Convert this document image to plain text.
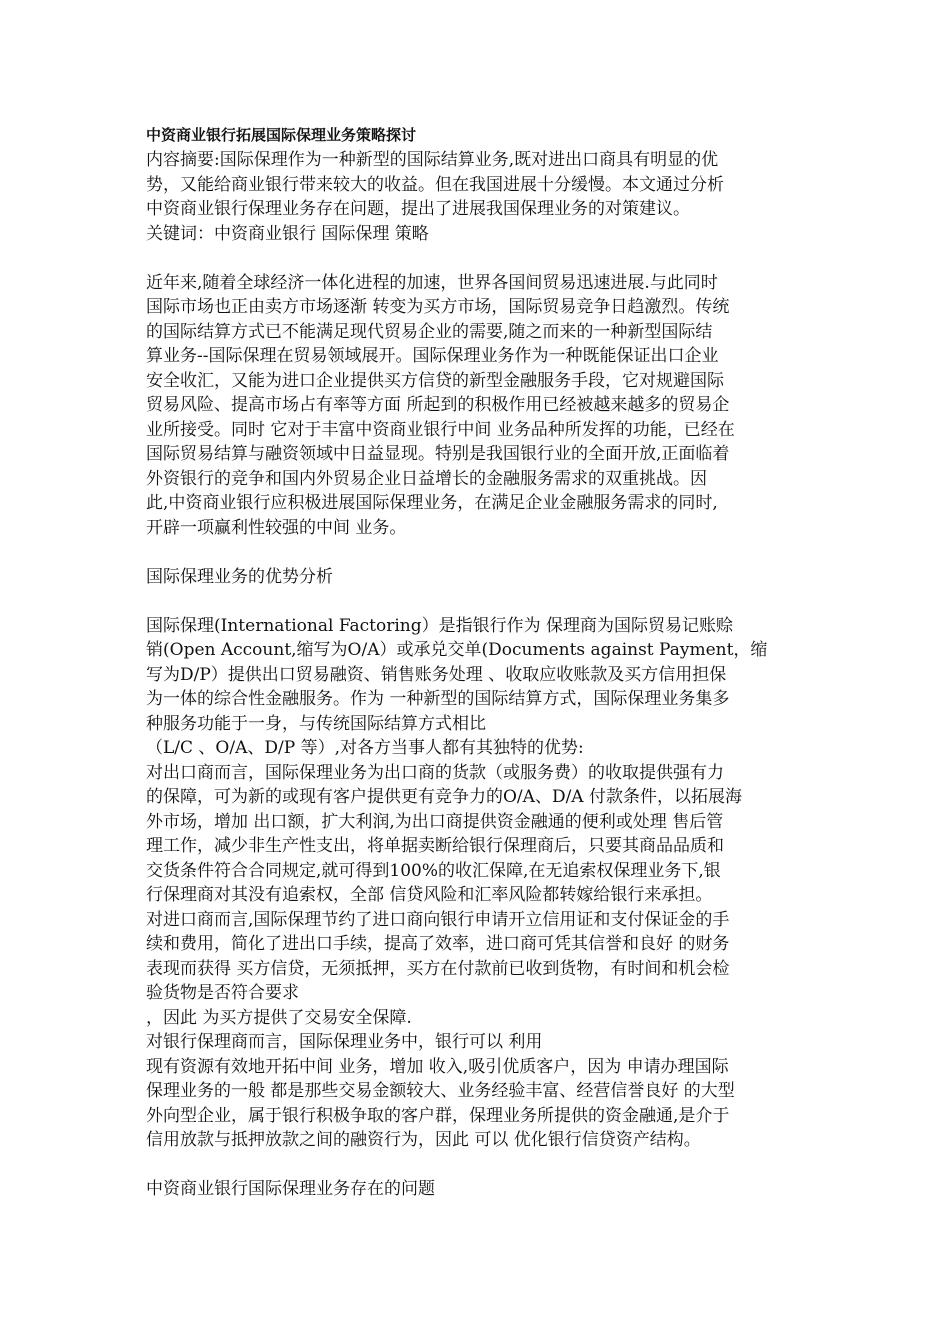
中资商业银行拓展国际保理业务策略探讨
内容摘要:国际保理作为一种新型的国际结算业务,既对进出口商具有明显的优
势，又能给商业银行带来较大的收益。但在我国进展十分缓慢。本文通过分析
中资商业银行保理业务存在问题，提出了进展我国保理业务的对策建议。
关键词：中资商业银行 国际保理 策略
近年来,随着全球经济一体化进程的加速，世界各国间贸易迅速进展.与此同时
国际市场也正由卖方市场逐渐 转变为买方市场，国际贸易竞争日趋激烈。传统
的国际结算方式已不能满足现代贸易企业的需要,随之而来的一种新型国际结
算业务--国际保理在贸易领域展开。国际保理业务作为一种既能保证出口企业
安全收汇，又能为进口企业提供买方信贷的新型金融服务手段，它对规避国际
贸易风险、提高市场占有率等方面 所起到的积极作用已经被越来越多的贸易企
业所接受。同时 它对于丰富中资商业银行中间 业务品种所发挥的功能，已经在
国际贸易结算与融资领域中日益显现。特别是我国银行业的全面开放,正面临着
外资银行的竞争和国内外贸易企业日益增长的金融服务需求的双重挑战。因
此,中资商业银行应积极进展国际保理业务，在满足企业金融服务需求的同时,
开辟一项赢利性较强的中间 业务。
国际保理业务的优势分析
国际保理(International Factoring）是指银行作为 保理商为国际贸易记账赊
销(Open Account,缩写为O/A）或承兑交单(Documents against Payment，缩
写为D/P）提供出口贸易融资、销售账务处理 、收取应收账款及买方信用担保
为一体的综合性金融服务。作为 一种新型的国际结算方式，国际保理业务集多
种服务功能于一身，与传统国际结算方式相比
（L/C 、O/A、D/P 等）,对各方当事人都有其独特的优势:
对出口商而言，国际保理业务为出口商的货款（或服务费）的收取提供强有力
的保障，可为新的或现有客户提供更有竞争力的O/A、D/A 付款条件，以拓展海
外市场，增加 出口额，扩大利润,为出口商提供资金融通的便利或处理 售后管
理工作，减少非生产性支出，将单据卖断给银行保理商后，只要其商品品质和
交货条件符合合同规定,就可得到100%的收汇保障,在无追索权保理业务下,银
行保理商对其没有追索权，全部 信贷风险和汇率风险都转嫁给银行来承担。
对进口商而言,国际保理节约了进口商向银行申请开立信用证和支付保证金的手
续和费用，简化了进出口手续，提高了效率，进口商可凭其信誉和良好 的财务
表现而获得 买方信贷，无须抵押，买方在付款前已收到货物，有时间和机会检
验货物是否符合要求
，因此 为买方提供了交易安全保障.
对银行保理商而言，国际保理业务中，银行可以 利用
现有资源有效地开拓中间 业务，增加 收入,吸引优质客户，因为 申请办理国际
保理业务的一般 都是那些交易金额较大、业务经验丰富、经营信誉良好 的大型
外向型企业，属于银行积极争取的客户群，保理业务所提供的资金融通,是介于
信用放款与抵押放款之间的融资行为，因此 可以 优化银行信贷资产结构。
中资商业银行国际保理业务存在的问题
